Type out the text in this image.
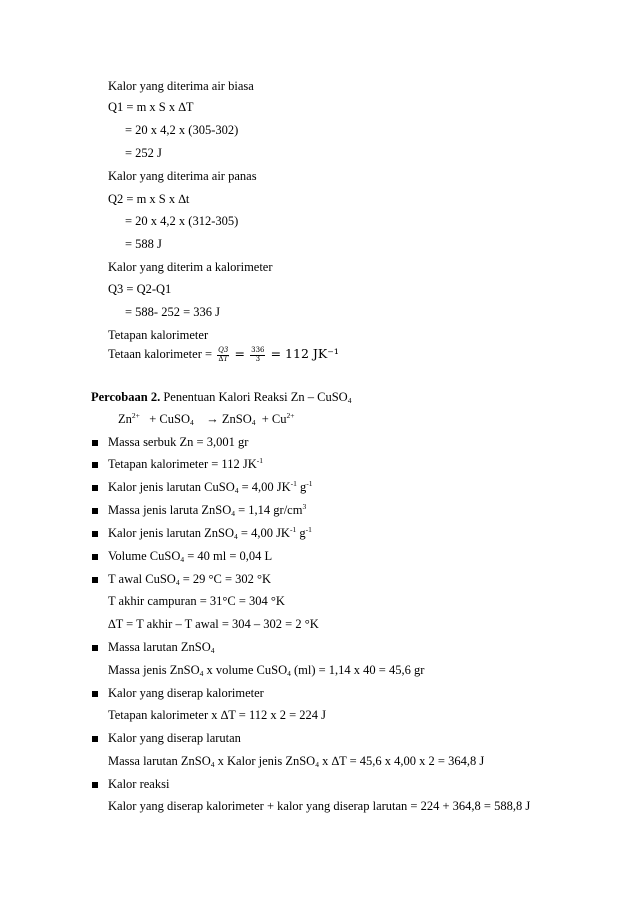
Kalor yang diterima air biasa
Q1 = m x S x ∆T
= 20 x 4,2 x (305-302)
= 252 J
Kalor yang diterima air panas
Q2 = m x S x ∆t
= 20 x 4,2 x (312-305)
= 588 J
Kalor yang diterim a kalorimeter
Q3 = Q2-Q1
= 588- 252 = 336 J
Tetapan kalorimeter
Tetaan kalorimeter = $\frac{Q3}{\Delta T} = \frac{336}{3} = 112$ JK⁻¹
Percobaan 2. Penentuan Kalori Reaksi Zn – CuSO$_4$
$Zn^{2+}$ + CuSO$_4$ → ZnSO$_4$ + $Cu^{2+}$
Massa serbuk Zn = 3,001 gr
Tetapan kalorimeter = 112 $JK^{-1}$
Kalor jenis larutan CuSO$_4$ = 4,00 $JK^{-1}$ $g^{-1}$
Massa jenis laruta ZnSO$_4$ = 1,14 $gr/cm^3$
Kalor jenis larutan ZnSO$_4$ = 4,00 $JK^{-1}$ $g^{-1}$
Volume CuSO$_4$ = 40 ml = 0,04 L
T awal CuSO$_4$ = 29 °C = 302 °K
T akhir campuran = 31°C = 304 °K
∆T = T akhir – T awal = 304 – 302 = 2 °K
Massa larutan ZnSO$_4$
Massa jenis ZnSO$_4$ x volume CuSO$_4$ (ml) = 1,14 x 40 = 45,6 gr
Kalor yang diserap kalorimeter
Tetapan kalorimeter x ∆T = 112 x 2 = 224 J
Kalor yang diserap larutan
Massa larutan ZnSO$_4$ x Kalor jenis ZnSO$_4$ x ∆T = 45,6 x 4,00 x 2 = 364,8 J
Kalor reaksi
Kalor yang diserap kalorimeter + kalor yang diserap larutan = 224 + 364,8 = 588,8 J
